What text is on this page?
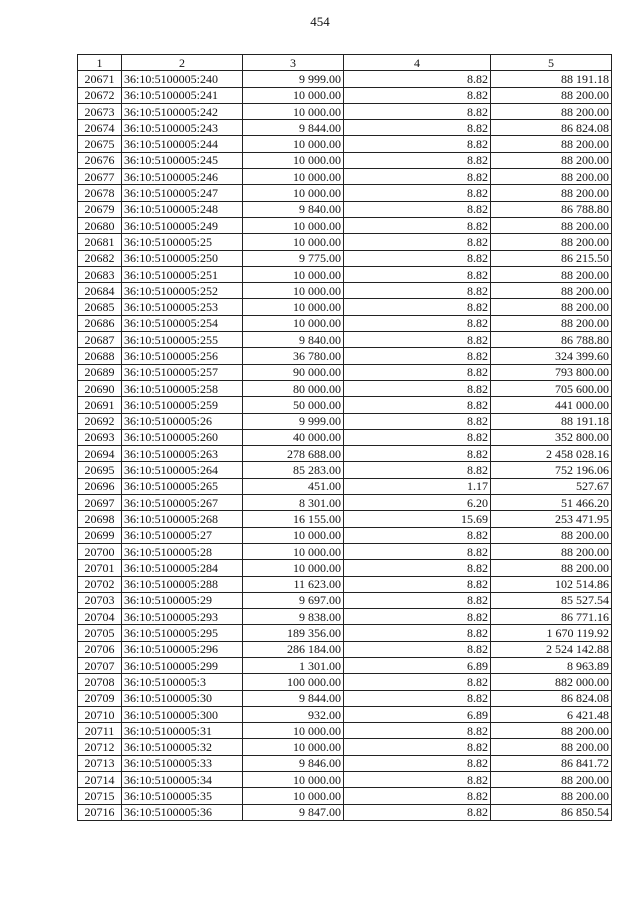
454
1	2	3	4	5
20671	36:10:5100005:240	9 999.00	8.82	88 191.18
20672	36:10:5100005:241	10 000.00	8.82	88 200.00
20673	36:10:5100005:242	10 000.00	8.82	88 200.00
20674	36:10:5100005:243	9 844.00	8.82	86 824.08
20675	36:10:5100005:244	10 000.00	8.82	88 200.00
20676	36:10:5100005:245	10 000.00	8.82	88 200.00
20677	36:10:5100005:246	10 000.00	8.82	88 200.00
20678	36:10:5100005:247	10 000.00	8.82	88 200.00
20679	36:10:5100005:248	9 840.00	8.82	86 788.80
20680	36:10:5100005:249	10 000.00	8.82	88 200.00
20681	36:10:5100005:25	10 000.00	8.82	88 200.00
20682	36:10:5100005:250	9 775.00	8.82	86 215.50
20683	36:10:5100005:251	10 000.00	8.82	88 200.00
20684	36:10:5100005:252	10 000.00	8.82	88 200.00
20685	36:10:5100005:253	10 000.00	8.82	88 200.00
20686	36:10:5100005:254	10 000.00	8.82	88 200.00
20687	36:10:5100005:255	9 840.00	8.82	86 788.80
20688	36:10:5100005:256	36 780.00	8.82	324 399.60
20689	36:10:5100005:257	90 000.00	8.82	793 800.00
20690	36:10:5100005:258	80 000.00	8.82	705 600.00
20691	36:10:5100005:259	50 000.00	8.82	441 000.00
20692	36:10:5100005:26	9 999.00	8.82	88 191.18
20693	36:10:5100005:260	40 000.00	8.82	352 800.00
20694	36:10:5100005:263	278 688.00	8.82	2 458 028.16
20695	36:10:5100005:264	85 283.00	8.82	752 196.06
20696	36:10:5100005:265	451.00	1.17	527.67
20697	36:10:5100005:267	8 301.00	6.20	51 466.20
20698	36:10:5100005:268	16 155.00	15.69	253 471.95
20699	36:10:5100005:27	10 000.00	8.82	88 200.00
20700	36:10:5100005:28	10 000.00	8.82	88 200.00
20701	36:10:5100005:284	10 000.00	8.82	88 200.00
20702	36:10:5100005:288	11 623.00	8.82	102 514.86
20703	36:10:5100005:29	9 697.00	8.82	85 527.54
20704	36:10:5100005:293	9 838.00	8.82	86 771.16
20705	36:10:5100005:295	189 356.00	8.82	1 670 119.92
20706	36:10:5100005:296	286 184.00	8.82	2 524 142.88
20707	36:10:5100005:299	1 301.00	6.89	8 963.89
20708	36:10:5100005:3	100 000.00	8.82	882 000.00
20709	36:10:5100005:30	9 844.00	8.82	86 824.08
20710	36:10:5100005:300	932.00	6.89	6 421.48
20711	36:10:5100005:31	10 000.00	8.82	88 200.00
20712	36:10:5100005:32	10 000.00	8.82	88 200.00
20713	36:10:5100005:33	9 846.00	8.82	86 841.72
20714	36:10:5100005:34	10 000.00	8.82	88 200.00
20715	36:10:5100005:35	10 000.00	8.82	88 200.00
20716	36:10:5100005:36	9 847.00	8.82	86 850.54
